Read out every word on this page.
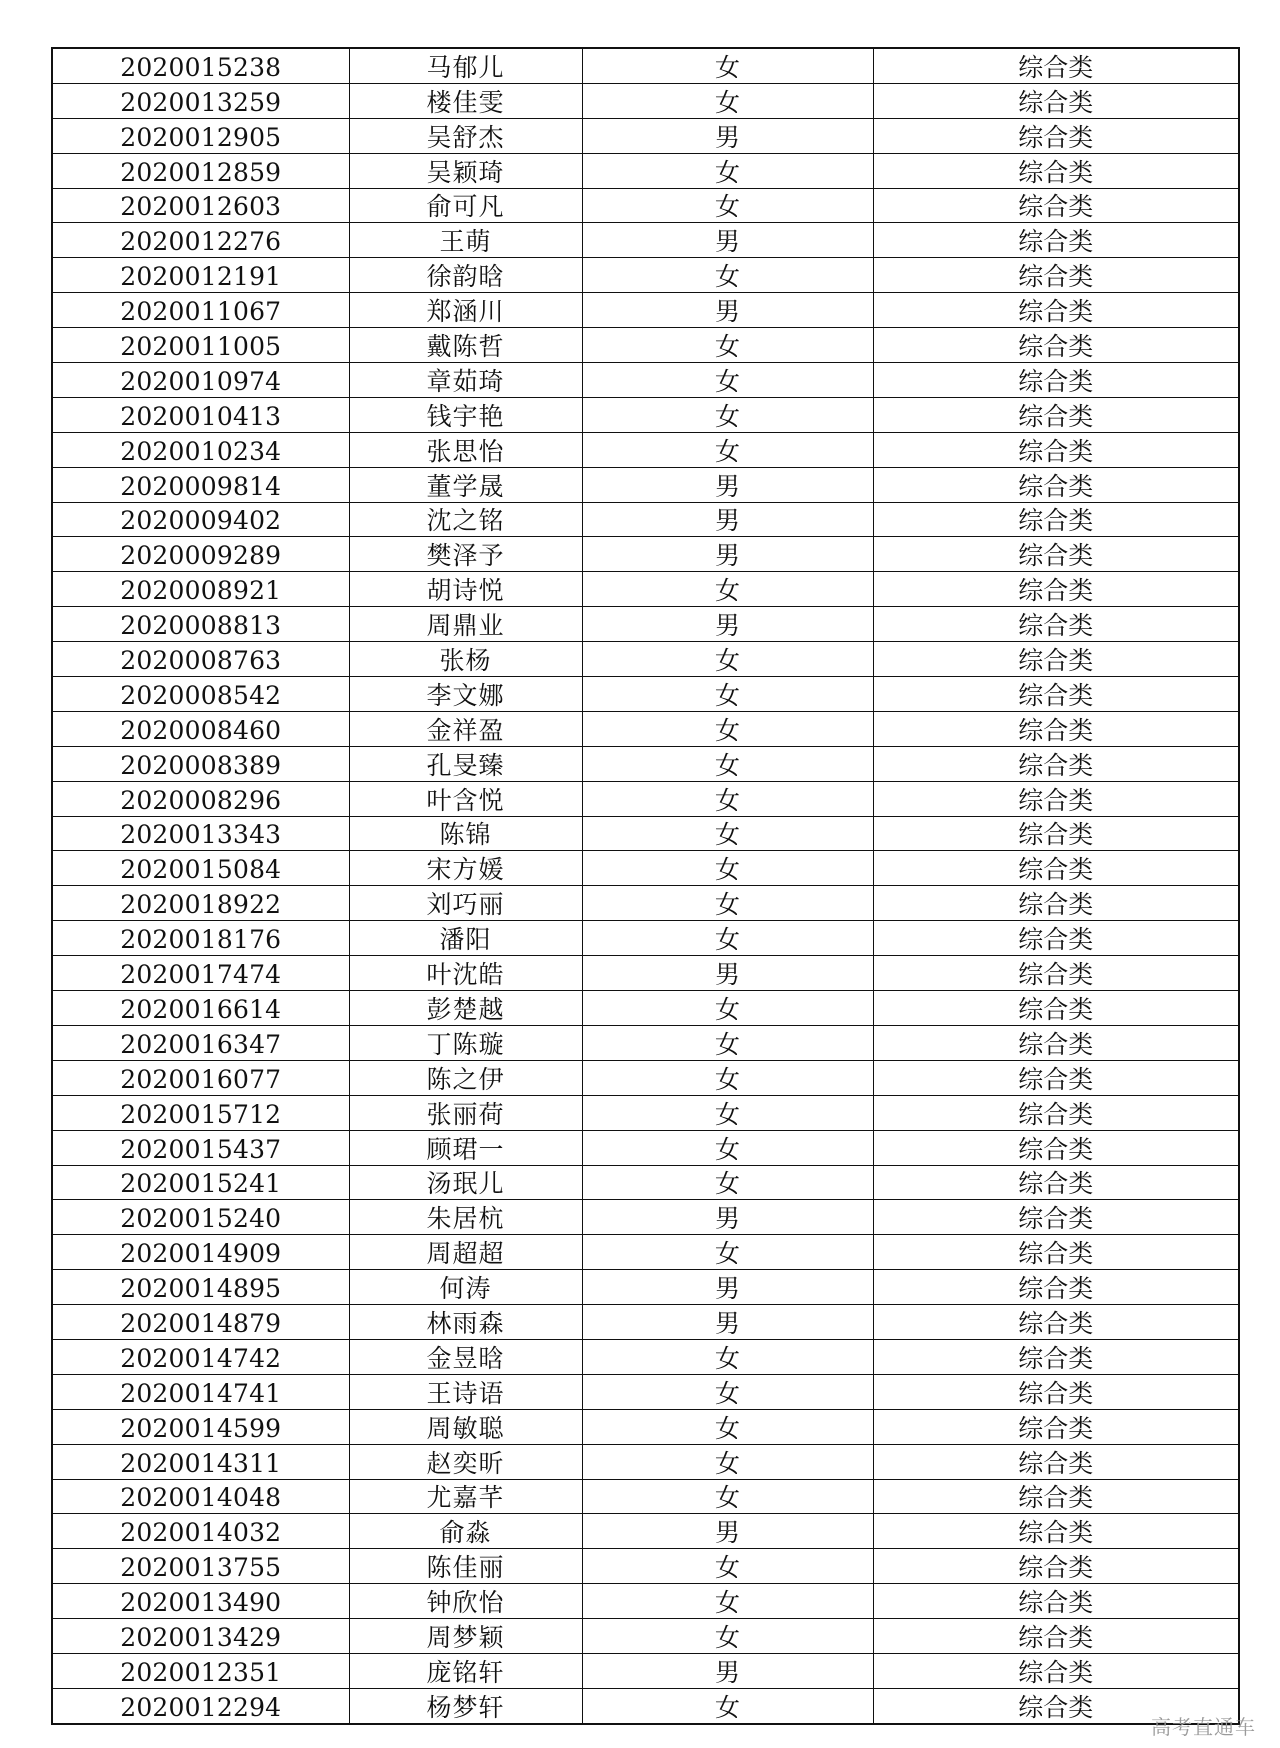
2020015238	马郁儿	女	综合类
2020013259	楼佳雯	女	综合类
2020012905	吴舒杰	男	综合类
2020012859	吴颖琦	女	综合类
2020012603	俞可凡	女	综合类
2020012276	王萌	男	综合类
2020012191	徐韵晗	女	综合类
2020011067	郑涵川	男	综合类
2020011005	戴陈哲	女	综合类
2020010974	章茹琦	女	综合类
2020010413	钱宇艳	女	综合类
2020010234	张思怡	女	综合类
2020009814	董学晟	男	综合类
2020009402	沈之铭	男	综合类
2020009289	樊泽予	男	综合类
2020008921	胡诗悦	女	综合类
2020008813	周鼎业	男	综合类
2020008763	张杨	女	综合类
2020008542	李文娜	女	综合类
2020008460	金祥盈	女	综合类
2020008389	孔旻臻	女	综合类
2020008296	叶含悦	女	综合类
2020013343	陈锦	女	综合类
2020015084	宋方媛	女	综合类
2020018922	刘巧丽	女	综合类
2020018176	潘阳	女	综合类
2020017474	叶沈皓	男	综合类
2020016614	彭楚越	女	综合类
2020016347	丁陈璇	女	综合类
2020016077	陈之伊	女	综合类
2020015712	张丽荷	女	综合类
2020015437	顾珺一	女	综合类
2020015241	汤珉儿	女	综合类
2020015240	朱居杭	男	综合类
2020014909	周超超	女	综合类
2020014895	何涛	男	综合类
2020014879	林雨森	男	综合类
2020014742	金昱晗	女	综合类
2020014741	王诗语	女	综合类
2020014599	周敏聪	女	综合类
2020014311	赵奕昕	女	综合类
2020014048	尤嘉芊	女	综合类
2020014032	俞淼	男	综合类
2020013755	陈佳丽	女	综合类
2020013490	钟欣怡	女	综合类
2020013429	周梦颖	女	综合类
2020012351	庞铭轩	男	综合类
2020012294	杨梦轩	女	综合类
高考直通车
